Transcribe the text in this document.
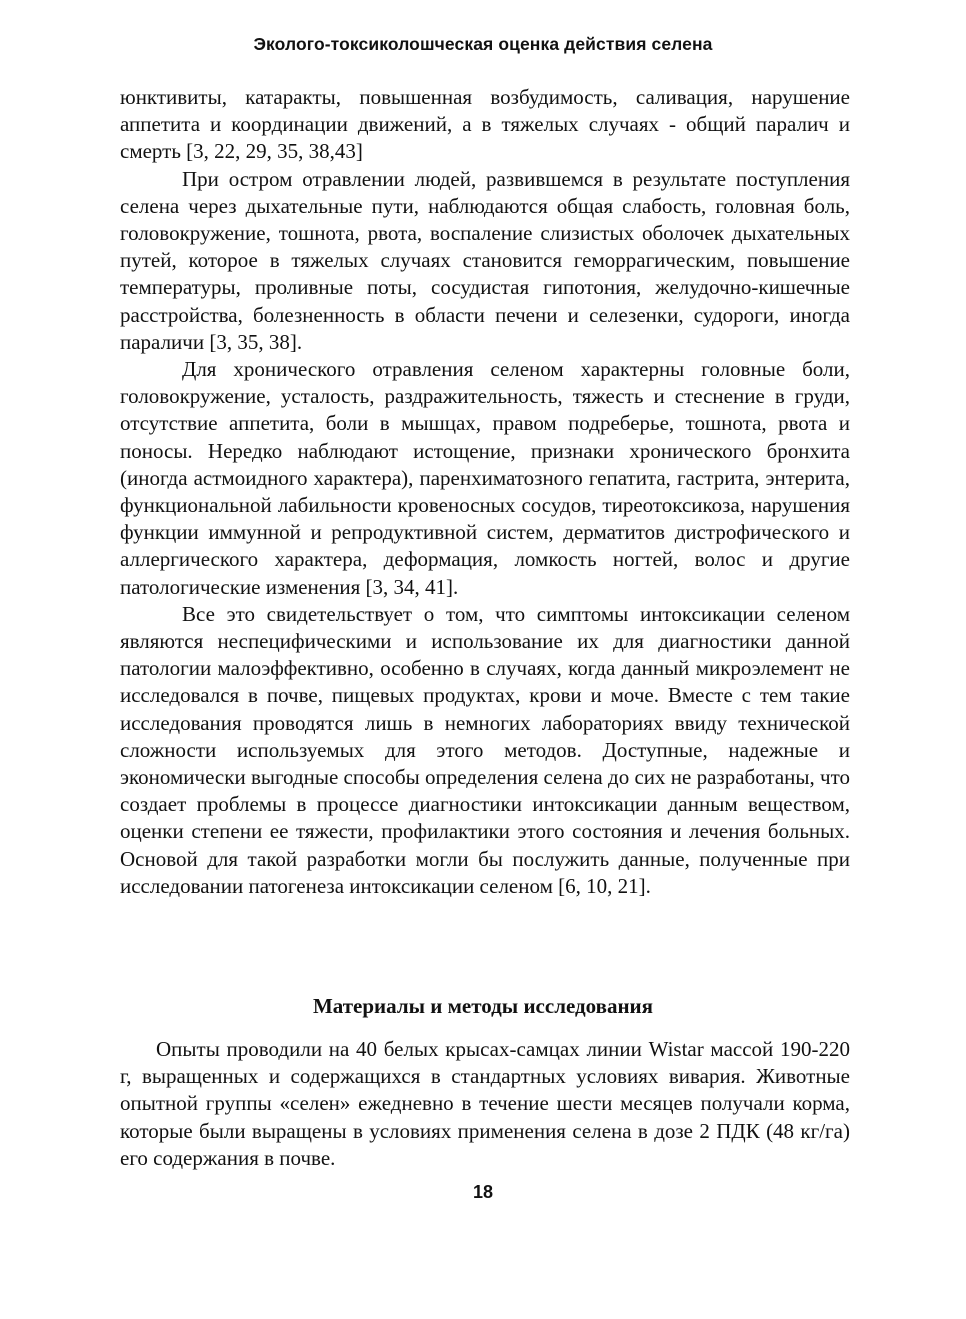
Эколого-токсиколошческая оценка действия селена

юнктивиты, катаракты, повышенная возбудимость, саливация, нарушение аппетита и координации движений, а в тяжелых случаях - общий паралич и смерть [3, 22, 29, 35, 38,43]

При остром отравлении людей, развившемся в результате поступления селена через дыхательные пути, наблюдаются общая слабость, головная боль, головокружение, тошнота, рвота, воспаление слизистых оболочек дыхательных путей, которое в тяжелых случаях становится геморрагическим, повышение температуры, проливные поты, сосудистая гипотония, желудочно-кишечные расстройства, болезненность в области печени и селезенки, судороги, иногда параличи [3, 35, 38].

Для хронического отравления селеном характерны головные боли, головокружение, усталость, раздражительность, тяжесть и стеснение в груди, отсутствие аппетита, боли в мышцах, правом подреберье, тошнота, рвота и поносы. Нередко наблюдают истощение, признаки хронического бронхита (иногда астмоидного характера), паренхиматозного гепатита, гастрита, энтерита, функциональной лабильности кровеносных сосудов, тиреотоксикоза, нарушения функции иммунной и репродуктивной систем, дерматитов дистрофического и аллергического характера, деформация, ломкость ногтей, волос и другие патологические изменения [3, 34, 41].

Все это свидетельствует о том, что симптомы интоксикации селеном являются неспецифическими и использование их для диагностики данной патологии малоэффективно, особенно в случаях, когда данный микроэлемент не исследовался в почве, пищевых продуктах, крови и моче. Вместе с тем такие исследования проводятся лишь в немногих лабораториях ввиду технической сложности используемых для этого методов. Доступные, надежные и экономически выгодные способы определения селена до сих не разработаны, что создает проблемы в процессе диагностики интоксикации данным веществом, оценки степени ее тяжести, профилактики этого состояния и лечения больных. Основой для такой разработки могли бы послужить данные, полученные при исследовании патогенеза интоксикации селеном [6, 10, 21].

Материалы и методы исследования

Опыты проводили на 40 белых крысах-самцах линии Wistar массой 190-220 г, выращенных и содержащихся в стандартных условиях вивария. Животные опытной группы «селен» ежедневно в течение шести месяцев получали корма, которые были выращены в условиях применения селена в дозе 2 ПДК (48 кг/га) его содержания в почве.

18
